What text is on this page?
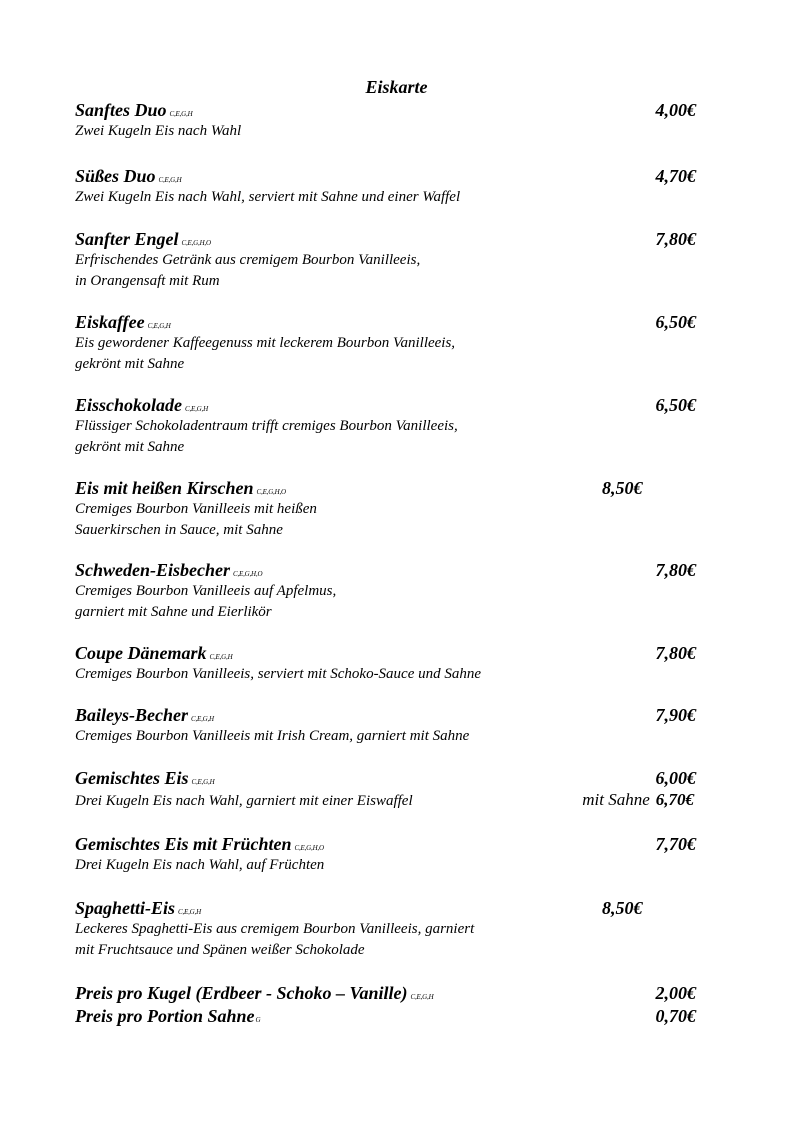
Eiskarte
Sanftes Duo C,E,G,H	4,00€
Zwei Kugeln Eis nach Wahl
Süßes Duo C,E,G,H	4,70€
Zwei Kugeln Eis nach Wahl, serviert mit Sahne und einer Waffel
Sanfter Engel C,E,G,H,O	7,80€
Erfrischendes Getränk aus cremigem Bourbon Vanilleeis,
in Orangensaft mit Rum
Eiskaffee C,E,G,H	6,50€
Eis gewordener Kaffeegenuss mit leckerem Bourbon Vanilleeis,
gekrönt mit Sahne
Eisschokolade C,E,G,H	6,50€
Flüssiger Schokoladentraum trifft cremiges Bourbon Vanilleeis,
gekrönt mit Sahne
Eis mit heißen Kirschen C,E,G,H,O	8,50€
Cremiges Bourbon Vanilleeis mit heißen
Sauerkirschen in Sauce, mit Sahne
Schweden-Eisbecher C,E,G,H,O	7,80€
Cremiges Bourbon Vanilleeis auf Apfelmus,
garniert mit Sahne und Eierlikör
Coupe Dänemark C,E,G,H	7,80€
Cremiges Bourbon Vanilleeis, serviert mit Schoko-Sauce und Sahne
Baileys-Becher C,E,G,H	7,90€
Cremiges Bourbon Vanilleeis mit Irish Cream, garniert mit Sahne
Gemischtes Eis C,E,G,H	6,00€
Drei Kugeln Eis nach Wahl, garniert mit einer Eiswaffel	mit Sahne 6,70€
Gemischtes Eis mit Früchten C,E,G,H,O	7,70€
Drei Kugeln Eis nach Wahl, auf Früchten
Spaghetti-Eis C,E,G,H	8,50€
Leckeres Spaghetti-Eis aus cremigem Bourbon Vanilleeis, garniert
mit Fruchtsauce und Spänen weißer Schokolade
Preis pro Kugel (Erdbeer - Schoko – Vanille) C,E,G,H	2,00€
Preis pro Portion SahneG	0,70€
